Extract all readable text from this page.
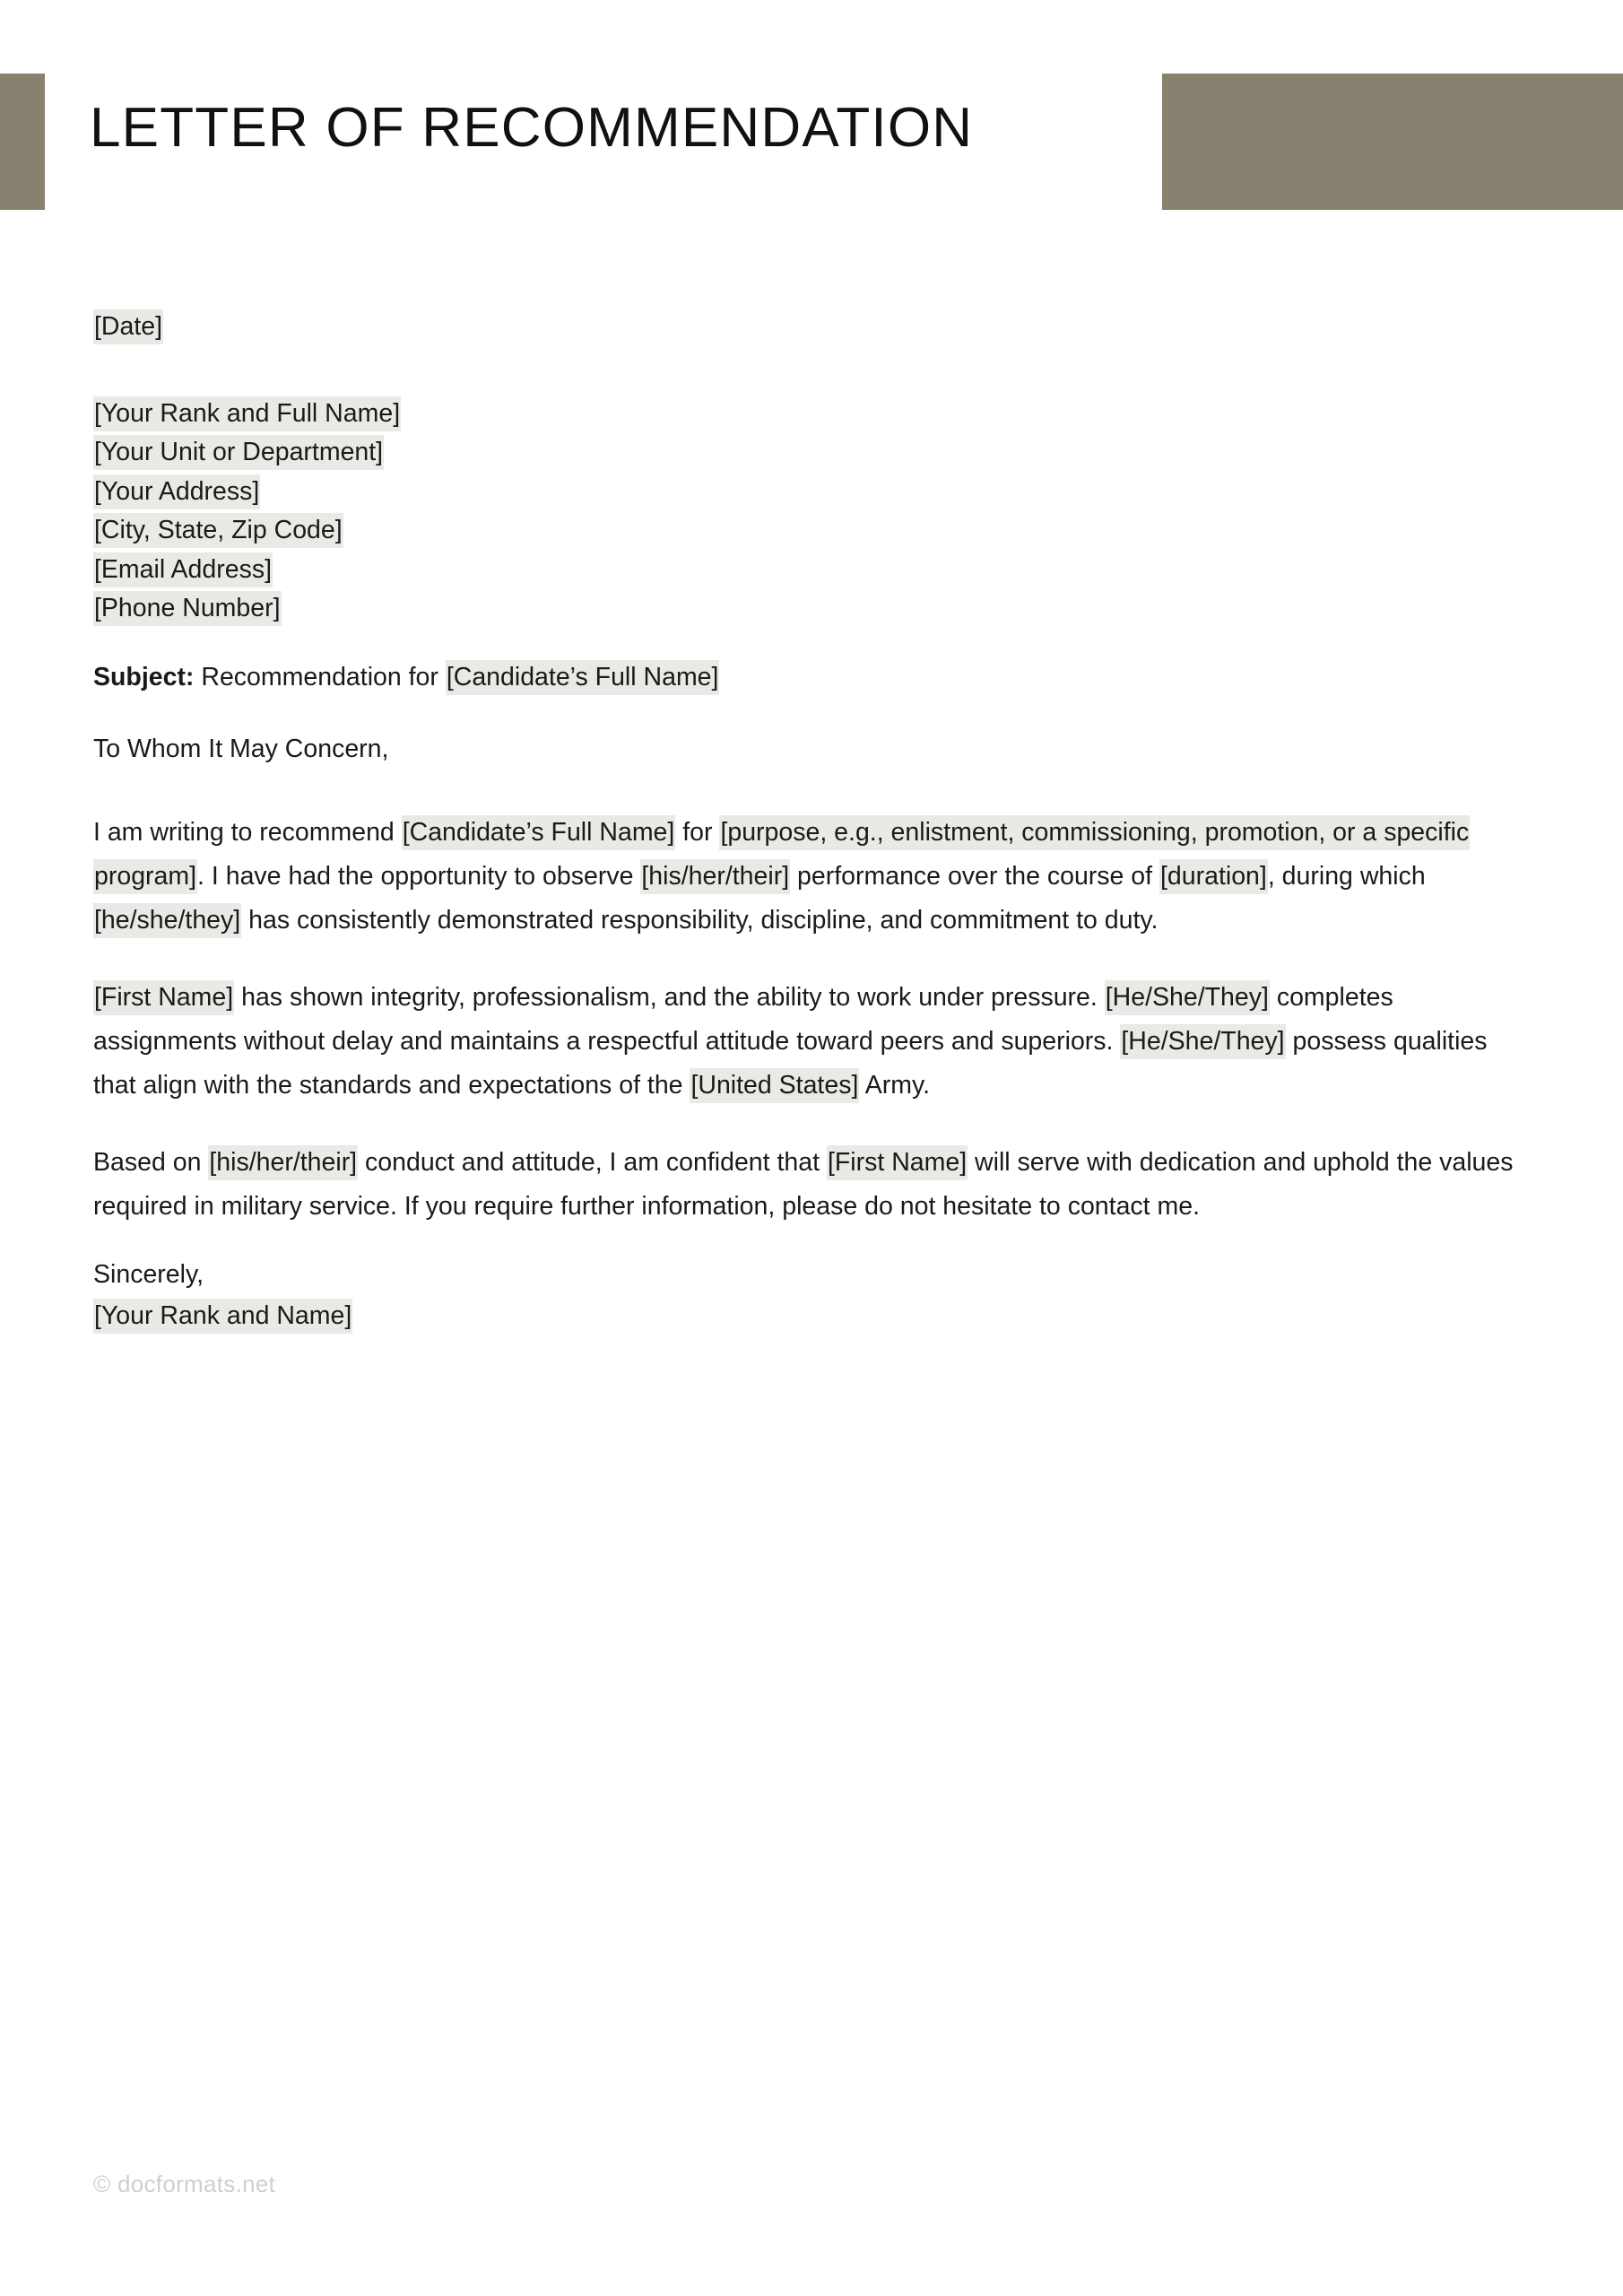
LETTER OF RECOMMENDATION
[Date]
[Your Rank and Full Name]
[Your Unit or Department]
[Your Address]
[City, State, Zip Code]
[Email Address]
[Phone Number]
Subject: Recommendation for [Candidate’s Full Name]
To Whom It May Concern,
I am writing to recommend [Candidate’s Full Name] for [purpose, e.g., enlistment, commissioning, promotion, or a specific program]. I have had the opportunity to observe [his/her/their] performance over the course of [duration], during which [he/she/they] has consistently demonstrated responsibility, discipline, and commitment to duty.
[First Name] has shown integrity, professionalism, and the ability to work under pressure. [He/She/They] completes assignments without delay and maintains a respectful attitude toward peers and superiors. [He/She/They] possess qualities that align with the standards and expectations of the [United States] Army.
Based on [his/her/their] conduct and attitude, I am confident that [First Name] will serve with dedication and uphold the values required in military service. If you require further information, please do not hesitate to contact me.
Sincerely,
[Your Rank and Name]
© docformats.net
